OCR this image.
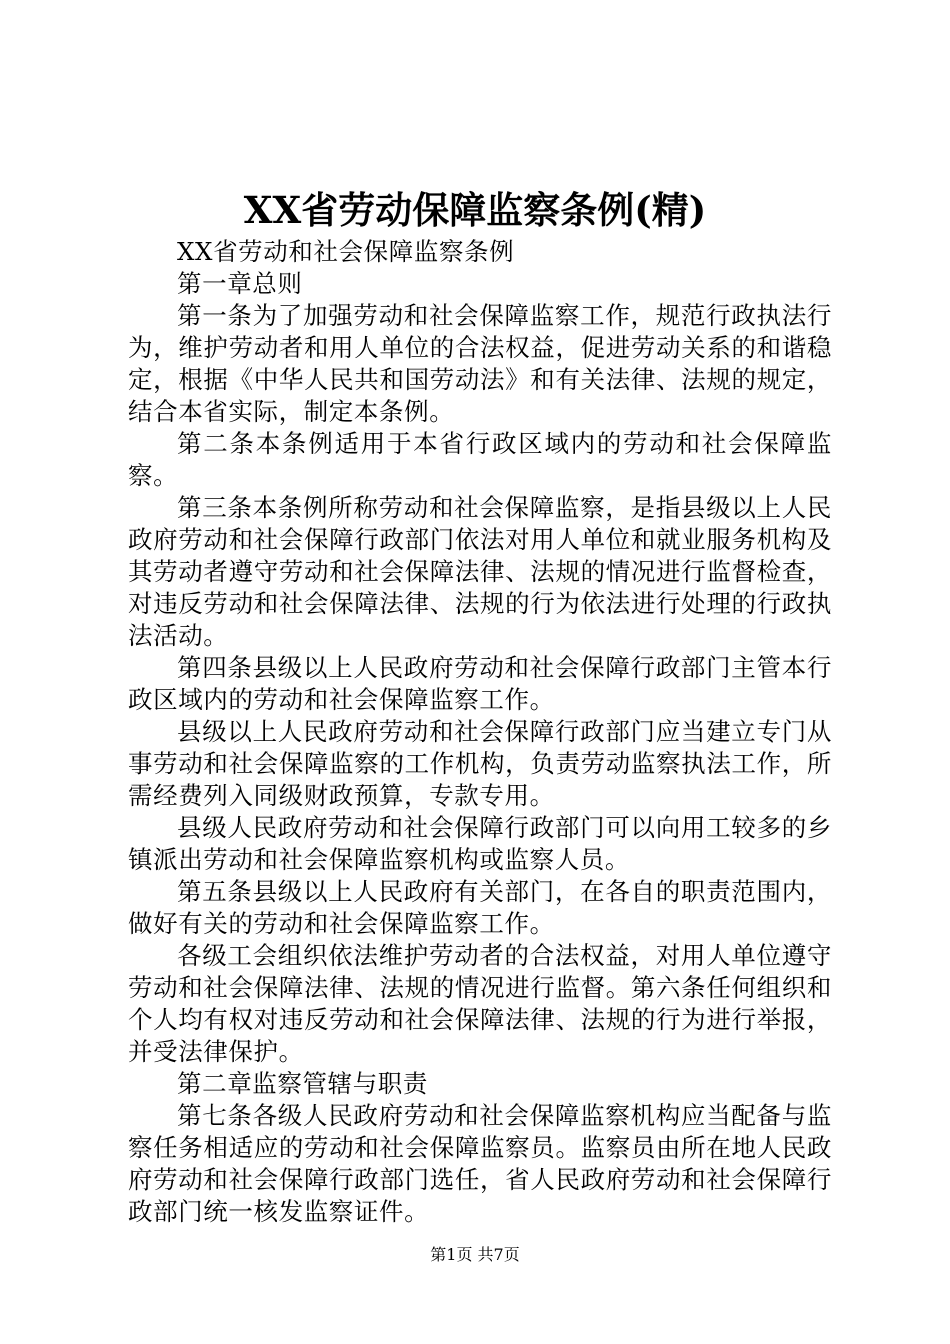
XX省劳动保障监察条例(精)

XX省劳动和社会保障监察条例

第一章总则

第一条为了加强劳动和社会保障监察工作，规范行政执法行为，维护劳动者和用人单位的合法权益，促进劳动关系的和谐稳定，根据《中华人民共和国劳动法》和有关法律、法规的规定，结合本省实际，制定本条例。

第二条本条例适用于本省行政区域内的劳动和社会保障监察。

第三条本条例所称劳动和社会保障监察，是指县级以上人民政府劳动和社会保障行政部门依法对用人单位和就业服务机构及其劳动者遵守劳动和社会保障法律、法规的情况进行监督检查，对违反劳动和社会保障法律、法规的行为依法进行处理的行政执法活动。

第四条县级以上人民政府劳动和社会保障行政部门主管本行政区域内的劳动和社会保障监察工作。

县级以上人民政府劳动和社会保障行政部门应当建立专门从事劳动和社会保障监察的工作机构，负责劳动监察执法工作，所需经费列入同级财政预算，专款专用。

县级人民政府劳动和社会保障行政部门可以向用工较多的乡镇派出劳动和社会保障监察机构或监察人员。

第五条县级以上人民政府有关部门，在各自的职责范围内，做好有关的劳动和社会保障监察工作。

各级工会组织依法维护劳动者的合法权益，对用人单位遵守劳动和社会保障法律、法规的情况进行监督。第六条任何组织和个人均有权对违反劳动和社会保障法律、法规的行为进行举报，并受法律保护。

第二章监察管辖与职责

第七条各级人民政府劳动和社会保障监察机构应当配备与监察任务相适应的劳动和社会保障监察员。监察员由所在地人民政府劳动和社会保障行政部门选任，省人民政府劳动和社会保障行政部门统一核发监察证件。

第1页 共7页
